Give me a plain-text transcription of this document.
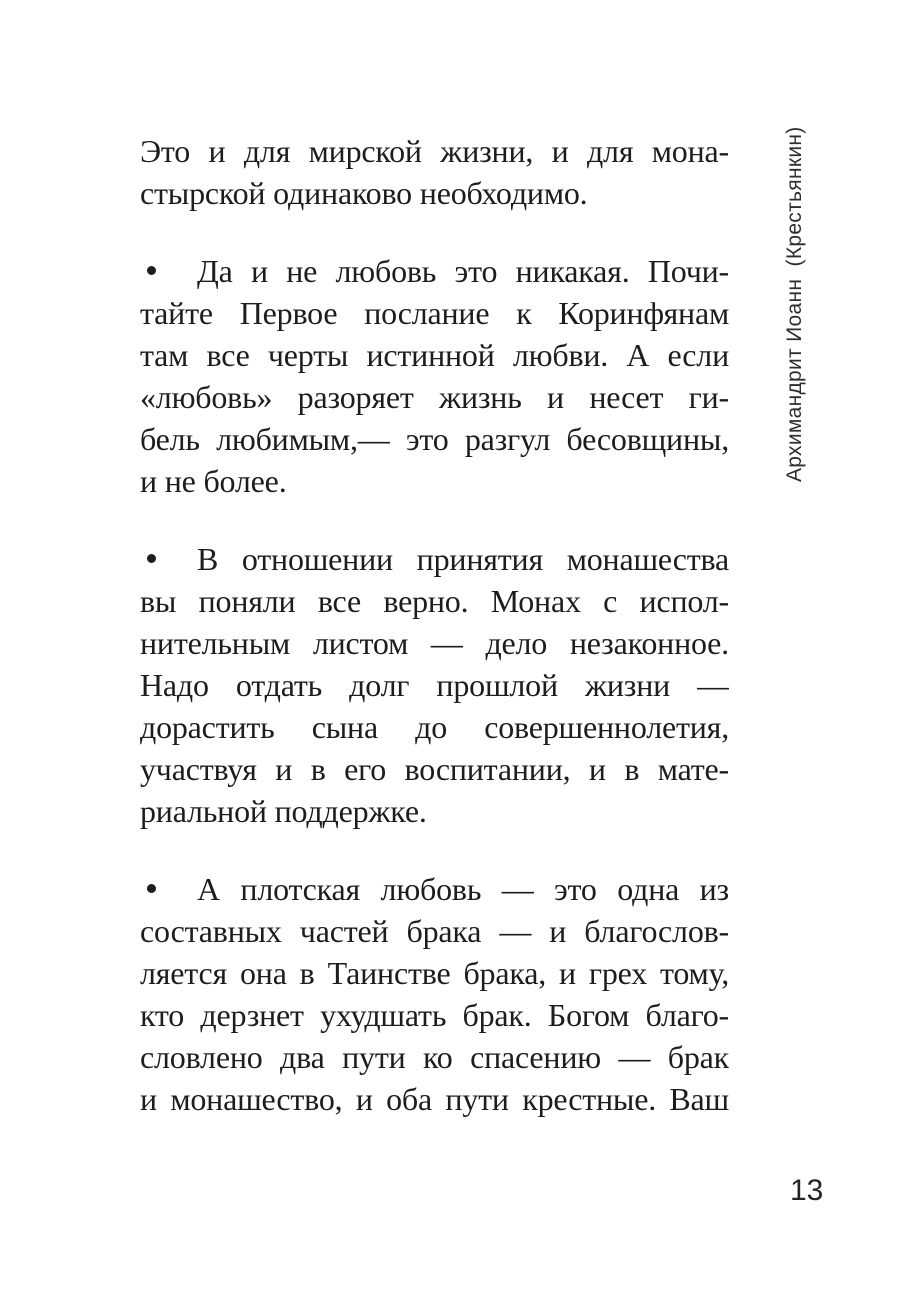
Это и для мирской жизни, и для мона-
стырской одинаково необходимо.
Да и не любовь это никакая. Почи-
тайте Первое послание к Коринфянам
там все черты истинной любви. А если
«любовь» разоряет жизнь и несет ги-
бель любимым,— это разгул бесовщины,
и не более.
В отношении принятия монашества
вы поняли все верно. Монах с испол-
нительным листом — дело незаконное.
Надо отдать долг прошлой жизни —
дорастить сына до совершеннолетия,
участвуя и в его воспитании, и в мате-
риальной поддержке.
А плотская любовь — это одна из
составных частей брака — и благослов-
ляется она в Таинстве брака, и грех тому,
кто дерзнет ухудшать брак. Богом благо-
словлено два пути ко спасению — брак
и монашество, и оба пути крестные. Ваш
Архимандрит Иоанн  (Крестьянкин)
13
